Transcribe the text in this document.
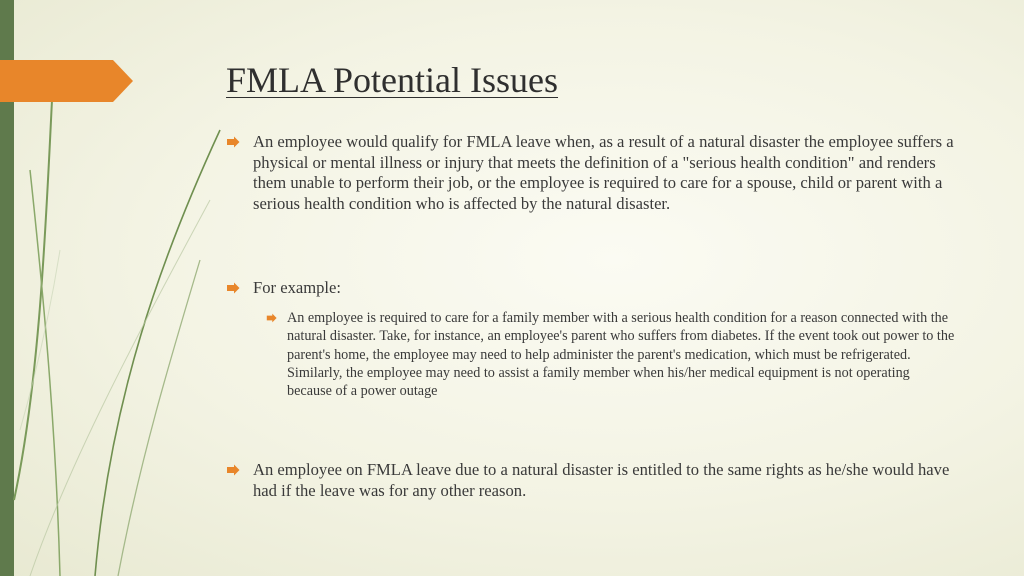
FMLA Potential Issues
An employee would qualify for FMLA leave when, as a result of a natural disaster the employee suffers a physical or mental illness or injury that meets the definition of a "serious health condition" and renders them unable to perform their job, or the employee is required to care for a spouse, child or parent with a serious health condition who is affected by the natural disaster.
For example:
An employee is required to care for a family member with a serious health condition for a reason connected with the natural disaster. Take, for instance, an employee's parent who suffers from diabetes. If the event took out power to the parent's home, the employee may need to help administer the parent's medication, which must be refrigerated. Similarly, the employee may need to assist a family member when his/her medical equipment is not operating because of a power outage
An employee on FMLA leave due to a natural disaster is entitled to the same rights as he/she would have had if the leave was for any other reason.
